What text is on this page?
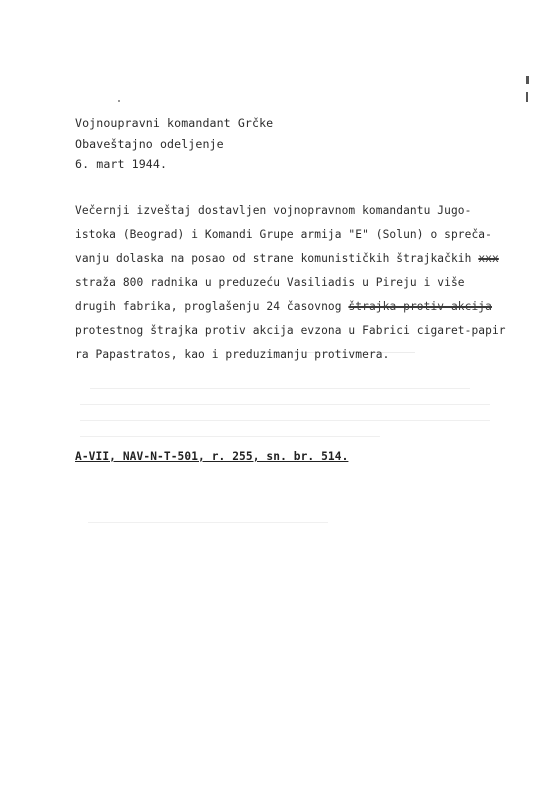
Vojnoupravni komandant Grčke
Obaveštajno odeljenje
6. mart 1944.
Večernji izveštaj dostavljen vojnopravnom komandantu Jugo-
istoka (Beograd) i Komandi Grupe armija "E" (Solun) o spreča-
vanju dolaska na posao od strane komunističkih štrajkačkih xxx
straža 800 radnika u preduzeću Vasiliadis u Pireju i više
drugih fabrika, proglašenju 24 časovnog štrajka protiv akcija
protestnog štrajka protiv akcija evzona u Fabrici cigaret-papir
ra Papastratos, kao i preduzimanju protivmera.
A-VII, NAV-N-T-501, r. 255, sn. br. 514.
